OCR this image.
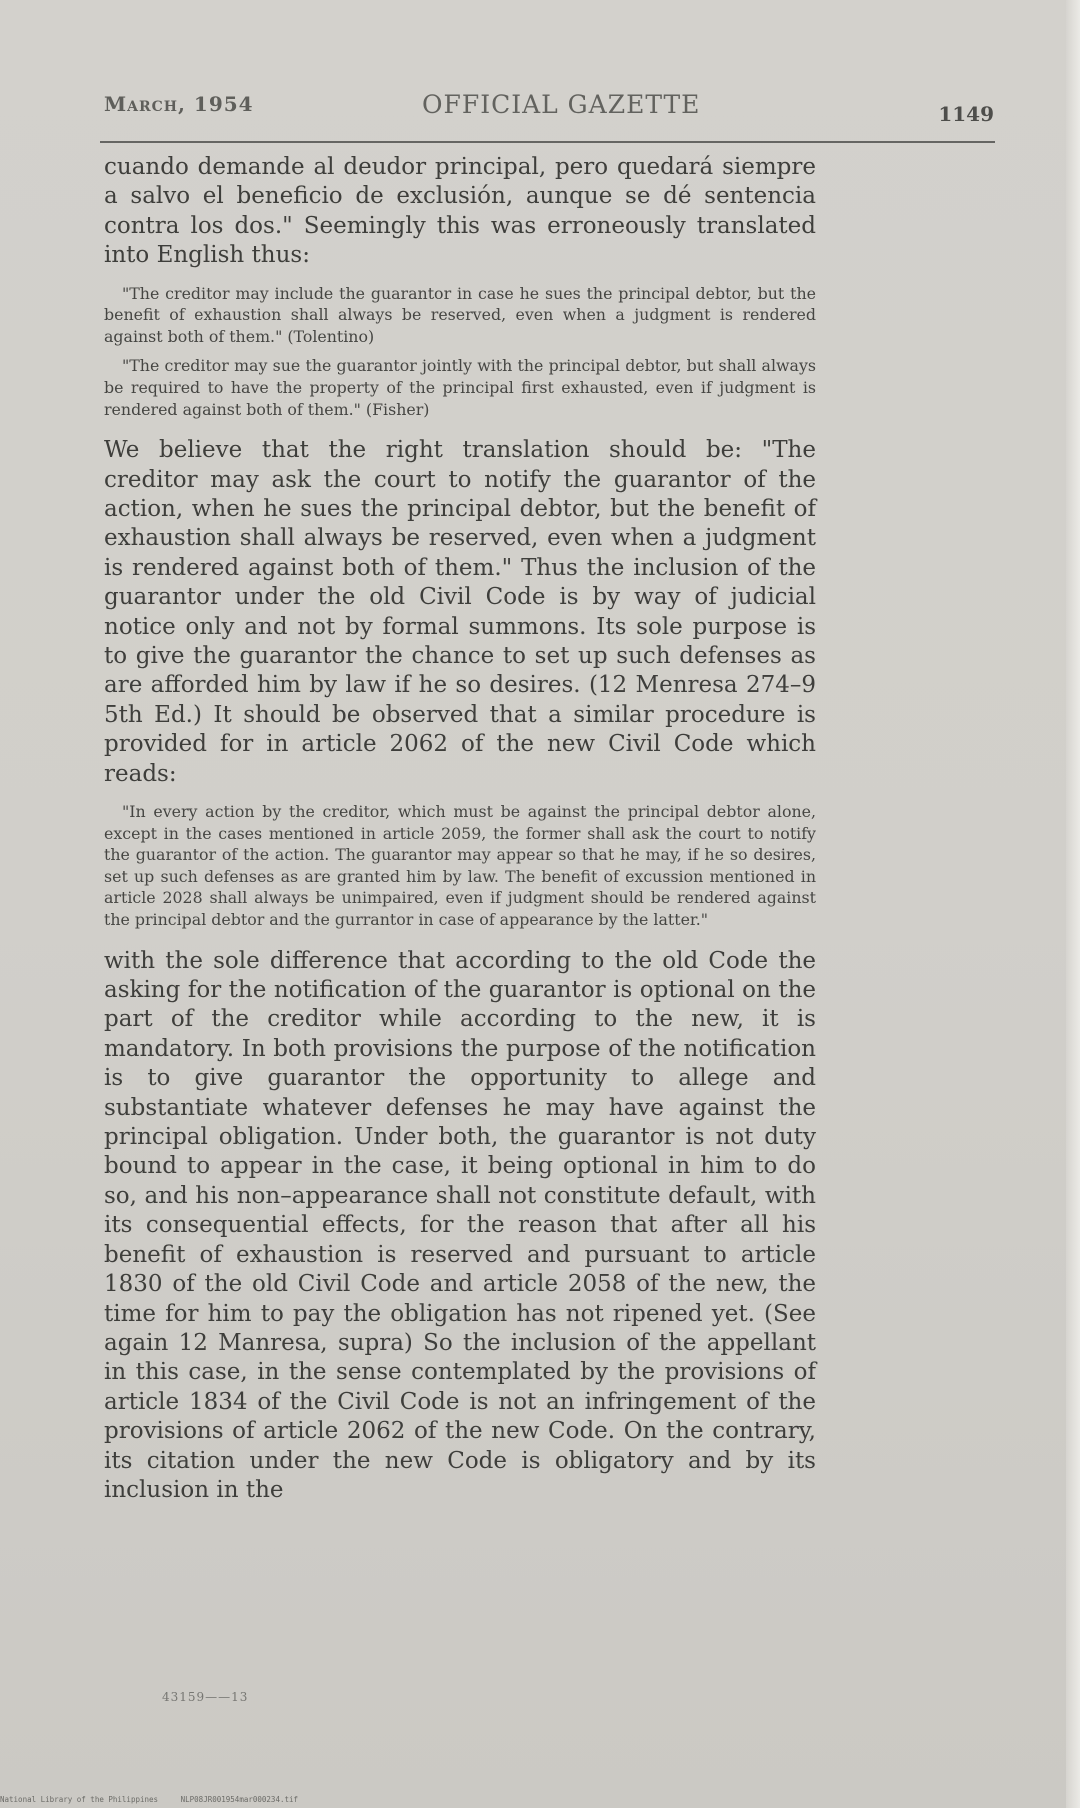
March, 1954	OFFICIAL GAZETTE	1149

cuando demande al deudor principal, pero quedará siempre a salvo el beneficio de exclusión, aunque se dé sentencia contra los dos." Seemingly this was erroneously translated into English thus:

"The creditor may include the guarantor in case he sues the principal debtor, but the benefit of exhaustion shall always be reserved, even when a judgment is rendered against both of them." (Tolentino)

"The creditor may sue the guarantor jointly with the principal debtor, but shall always be required to have the property of the principal first exhausted, even if judgment is rendered against both of them." (Fisher)

We believe that the right translation should be: "The creditor may ask the court to notify the guarantor of the action, when he sues the principal debtor, but the benefit of exhaustion shall always be reserved, even when a judgment is rendered against both of them." Thus the inclusion of the guarantor under the old Civil Code is by way of judicial notice only and not by formal summons. Its sole purpose is to give the guarantor the chance to set up such defenses as are afforded him by law if he so desires. (12 Menresa 274–9 5th Ed.) It should be observed that a similar procedure is provided for in article 2062 of the new Civil Code which reads:

"In every action by the creditor, which must be against the principal debtor alone, except in the cases mentioned in article 2059, the former shall ask the court to notify the guarantor of the action. The guarantor may appear so that he may, if he so desires, set up such defenses as are granted him by law. The benefit of excussion mentioned in article 2028 shall always be unimpaired, even if judgment should be rendered against the principal debtor and the gurrantor in case of appearance by the latter."

with the sole difference that according to the old Code the asking for the notification of the guarantor is optional on the part of the creditor while according to the new, it is mandatory. In both provisions the purpose of the notification is to give guarantor the opportunity to allege and substantiate whatever defenses he may have against the principal obligation. Under both, the guarantor is not duty bound to appear in the case, it being optional in him to do so, and his non–appearance shall not constitute default, with its consequential effects, for the reason that after all his benefit of exhaustion is reserved and pursuant to article 1830 of the old Civil Code and article 2058 of the new, the time for him to pay the obligation has not ripened yet. (See again 12 Manresa, supra) So the inclusion of the appellant in this case, in the sense contemplated by the provisions of article 1834 of the Civil Code is not an infringement of the provisions of article 2062 of the new Code. On the contrary, its citation under the new Code is obligatory and by its inclusion in the

43159——13
National Library of the Philippines	NLP08JR001954mar000234.tif
